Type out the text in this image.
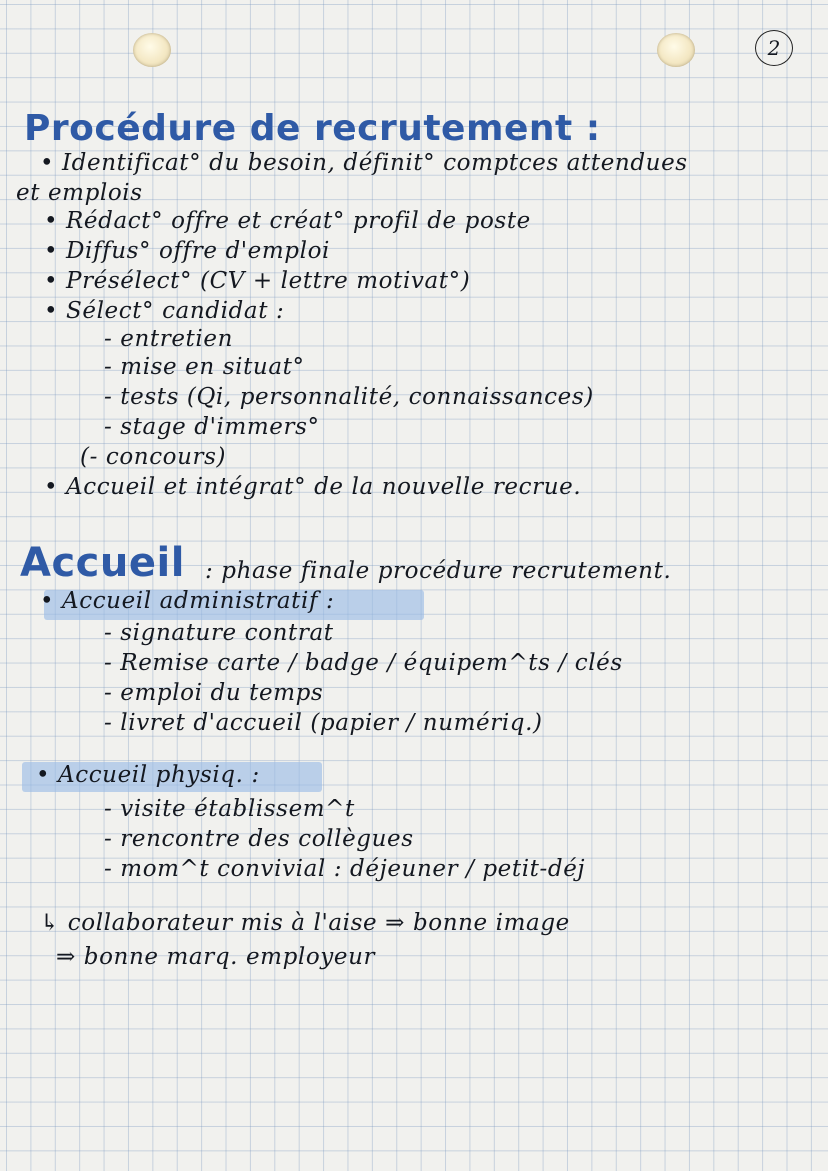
2
Procédure de recrutement :
• Identificat° du besoin, définit° comptces attendues
et emplois
• Rédact° offre et créat° profil de poste
• Diffus° offre d'emploi
• Présélect° (CV + lettre motivat°)
• Sélect° candidat :
- entretien
- mise en situat°
- tests (Qi, personnalité, connaissances)
- stage d'immers°
(- concours)
• Accueil et intégrat° de la nouvelle recrue.
Accueil : phase finale procédure recrutement.
• Accueil administratif :
- signature contrat
- Remise carte / badge / équipem^ts / clés
- emploi du temps
- livret d'accueil (papier / numériq.)
• Accueil physiq. :
- visite établissem^t
- rencontre des collègues
- mom^t convivial : déjeuner / petit-déj
↳ collaborateur mis à l'aise ⇒ bonne image
⇒ bonne marq. employeur
